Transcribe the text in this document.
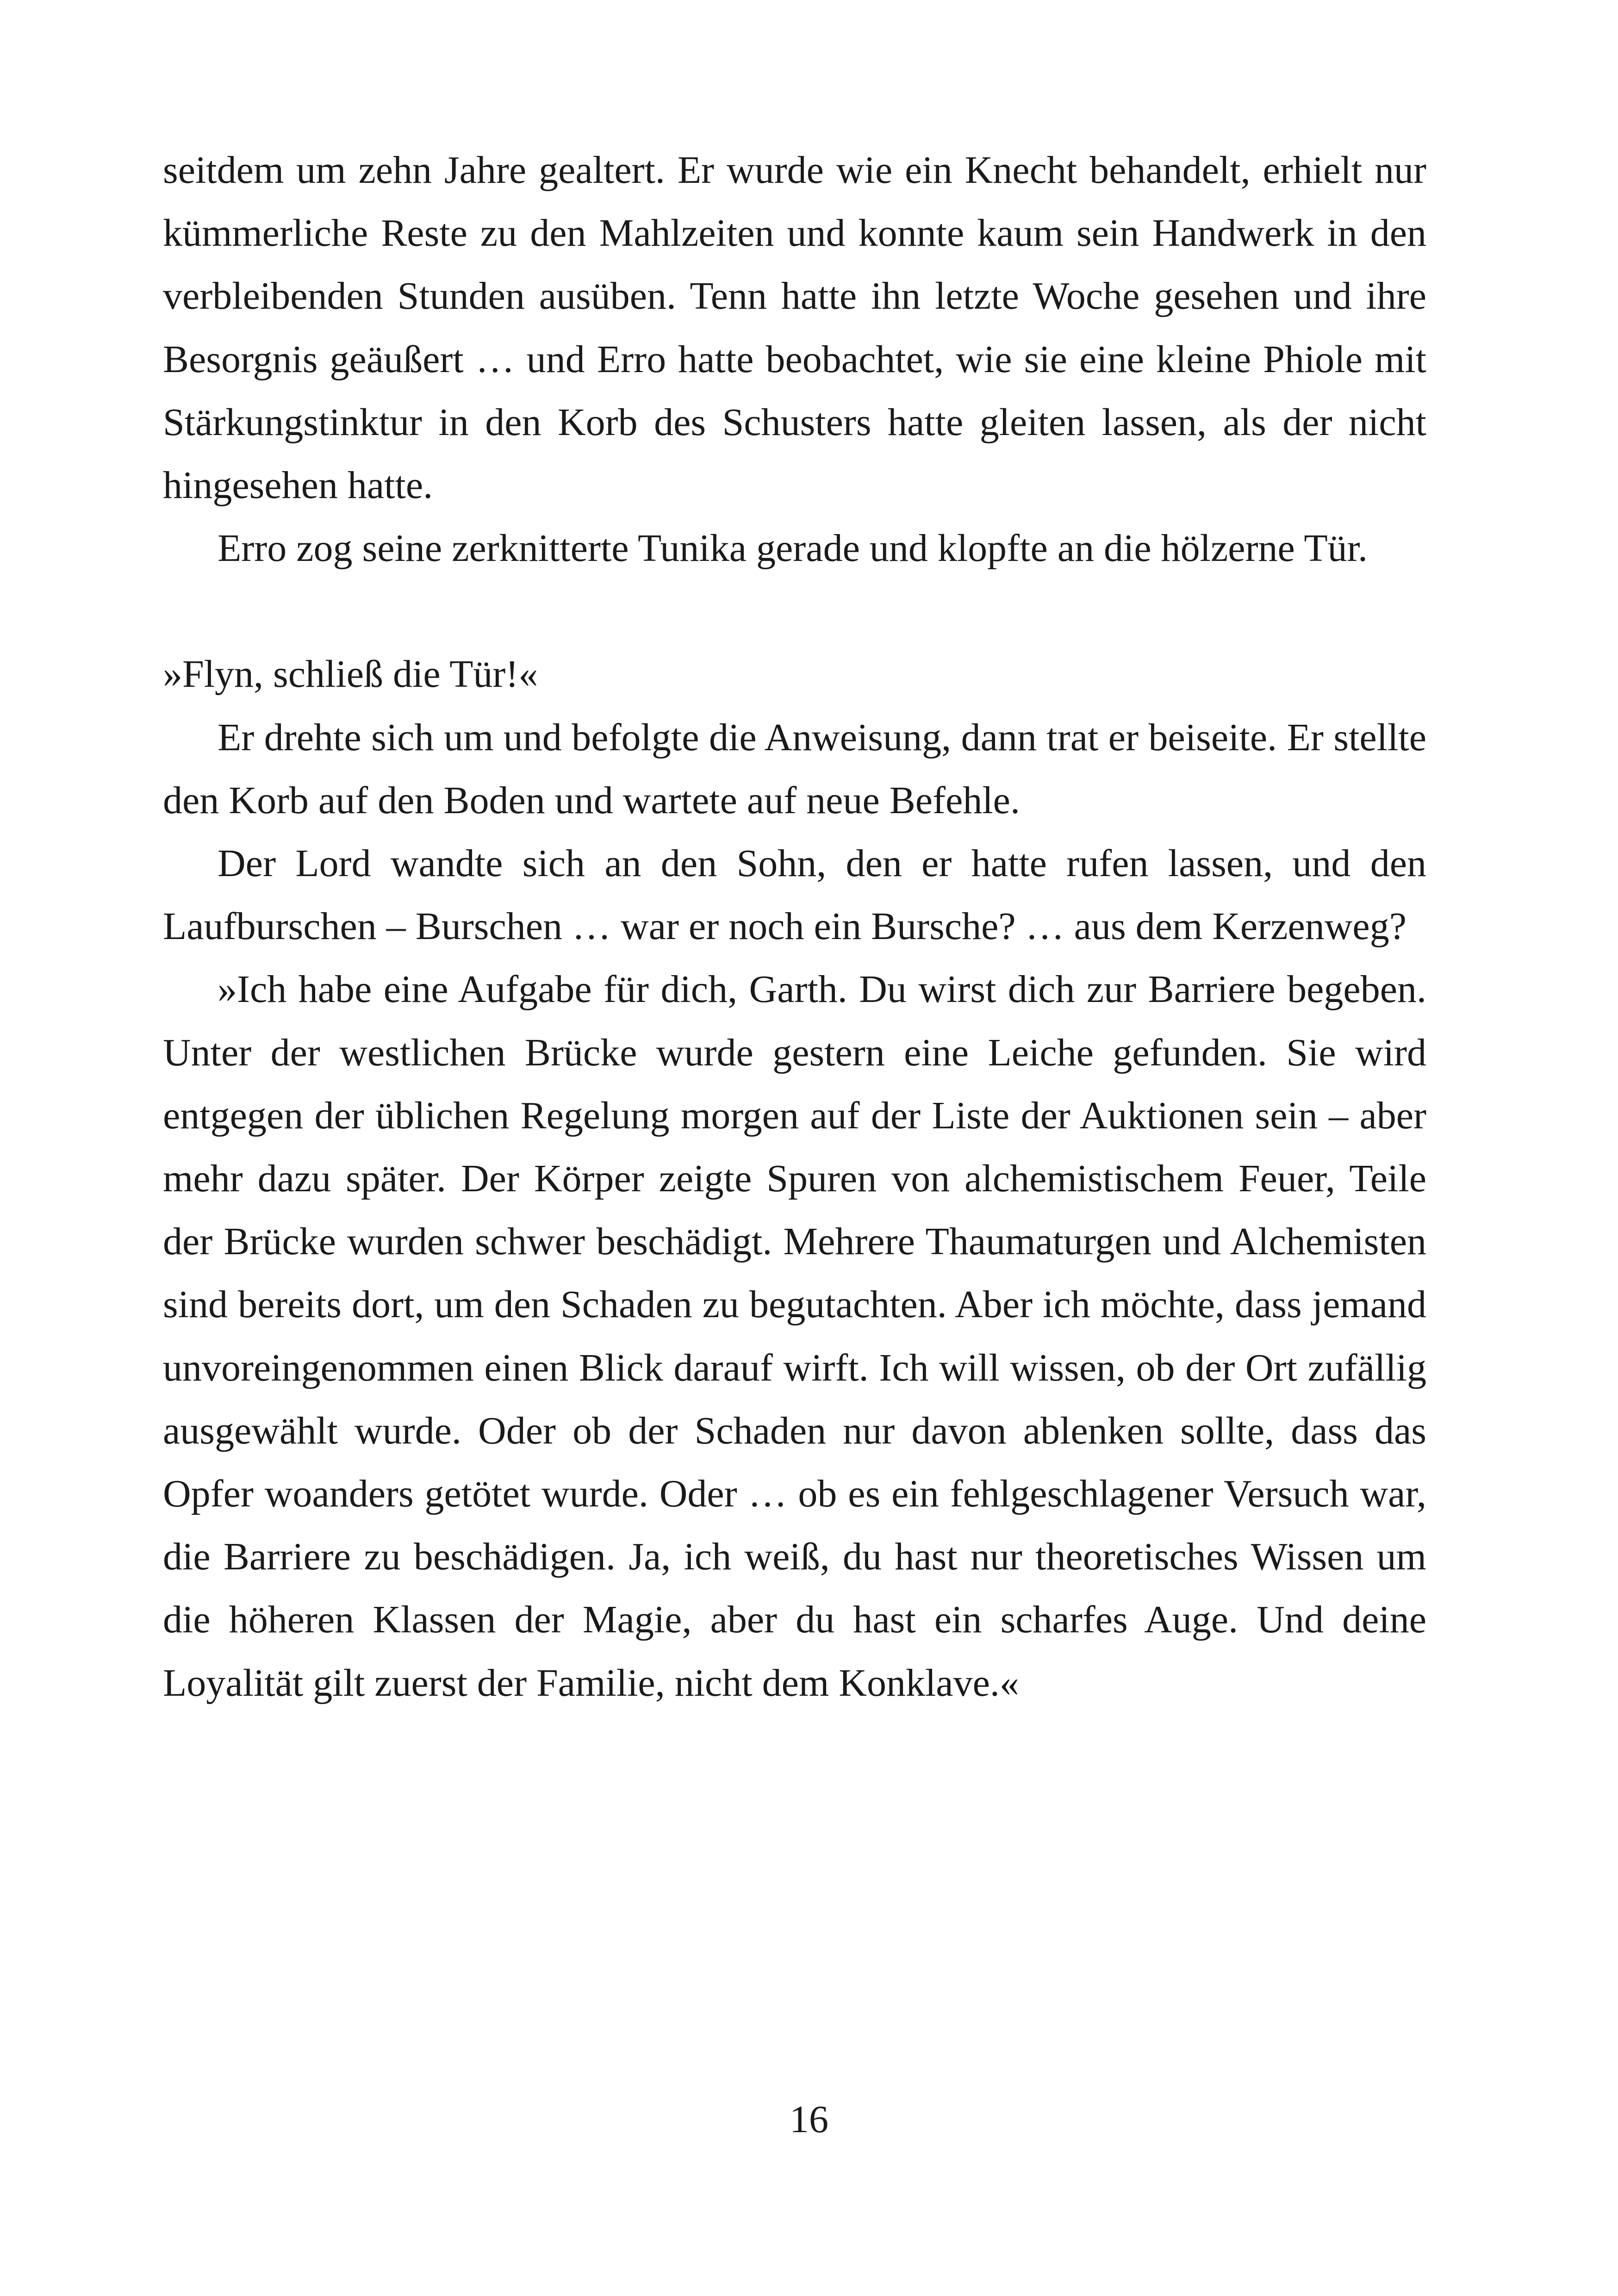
seitdem um zehn Jahre gealtert. Er wurde wie ein Knecht behandelt, erhielt nur kümmerliche Reste zu den Mahlzeiten und konnte kaum sein Handwerk in den verbleibenden Stunden ausüben. Tenn hatte ihn letzte Woche gesehen und ihre Besorgnis geäußert … und Erro hatte beobachtet, wie sie eine kleine Phiole mit Stärkungstinktur in den Korb des Schusters hatte gleiten lassen, als der nicht hingesehen hatte.

Erro zog seine zerknitterte Tunika gerade und klopfte an die hölzerne Tür.

»Flyn, schließ die Tür!«

Er drehte sich um und befolgte die Anweisung, dann trat er beiseite. Er stellte den Korb auf den Boden und wartete auf neue Befehle.

Der Lord wandte sich an den Sohn, den er hatte rufen lassen, und den Laufburschen – Burschen … war er noch ein Bursche? … aus dem Kerzenweg?

»Ich habe eine Aufgabe für dich, Garth. Du wirst dich zur Barriere begeben. Unter der westlichen Brücke wurde gestern eine Leiche gefunden. Sie wird entgegen der üblichen Regelung morgen auf der Liste der Auktionen sein – aber mehr dazu später. Der Körper zeigte Spuren von alchemistischem Feuer, Teile der Brücke wurden schwer beschädigt. Mehrere Thaumaturgen und Alchemisten sind bereits dort, um den Schaden zu begutachten. Aber ich möchte, dass jemand unvoreingenommen einen Blick darauf wirft. Ich will wissen, ob der Ort zufällig ausgewählt wurde. Oder ob der Schaden nur davon ablenken sollte, dass das Opfer woanders getötet wurde. Oder … ob es ein fehlgeschlagener Versuch war, die Barriere zu beschädigen. Ja, ich weiß, du hast nur theoretisches Wissen um die höheren Klassen der Magie, aber du hast ein scharfes Auge. Und deine Loyalität gilt zuerst der Familie, nicht dem Konklave.«

16
